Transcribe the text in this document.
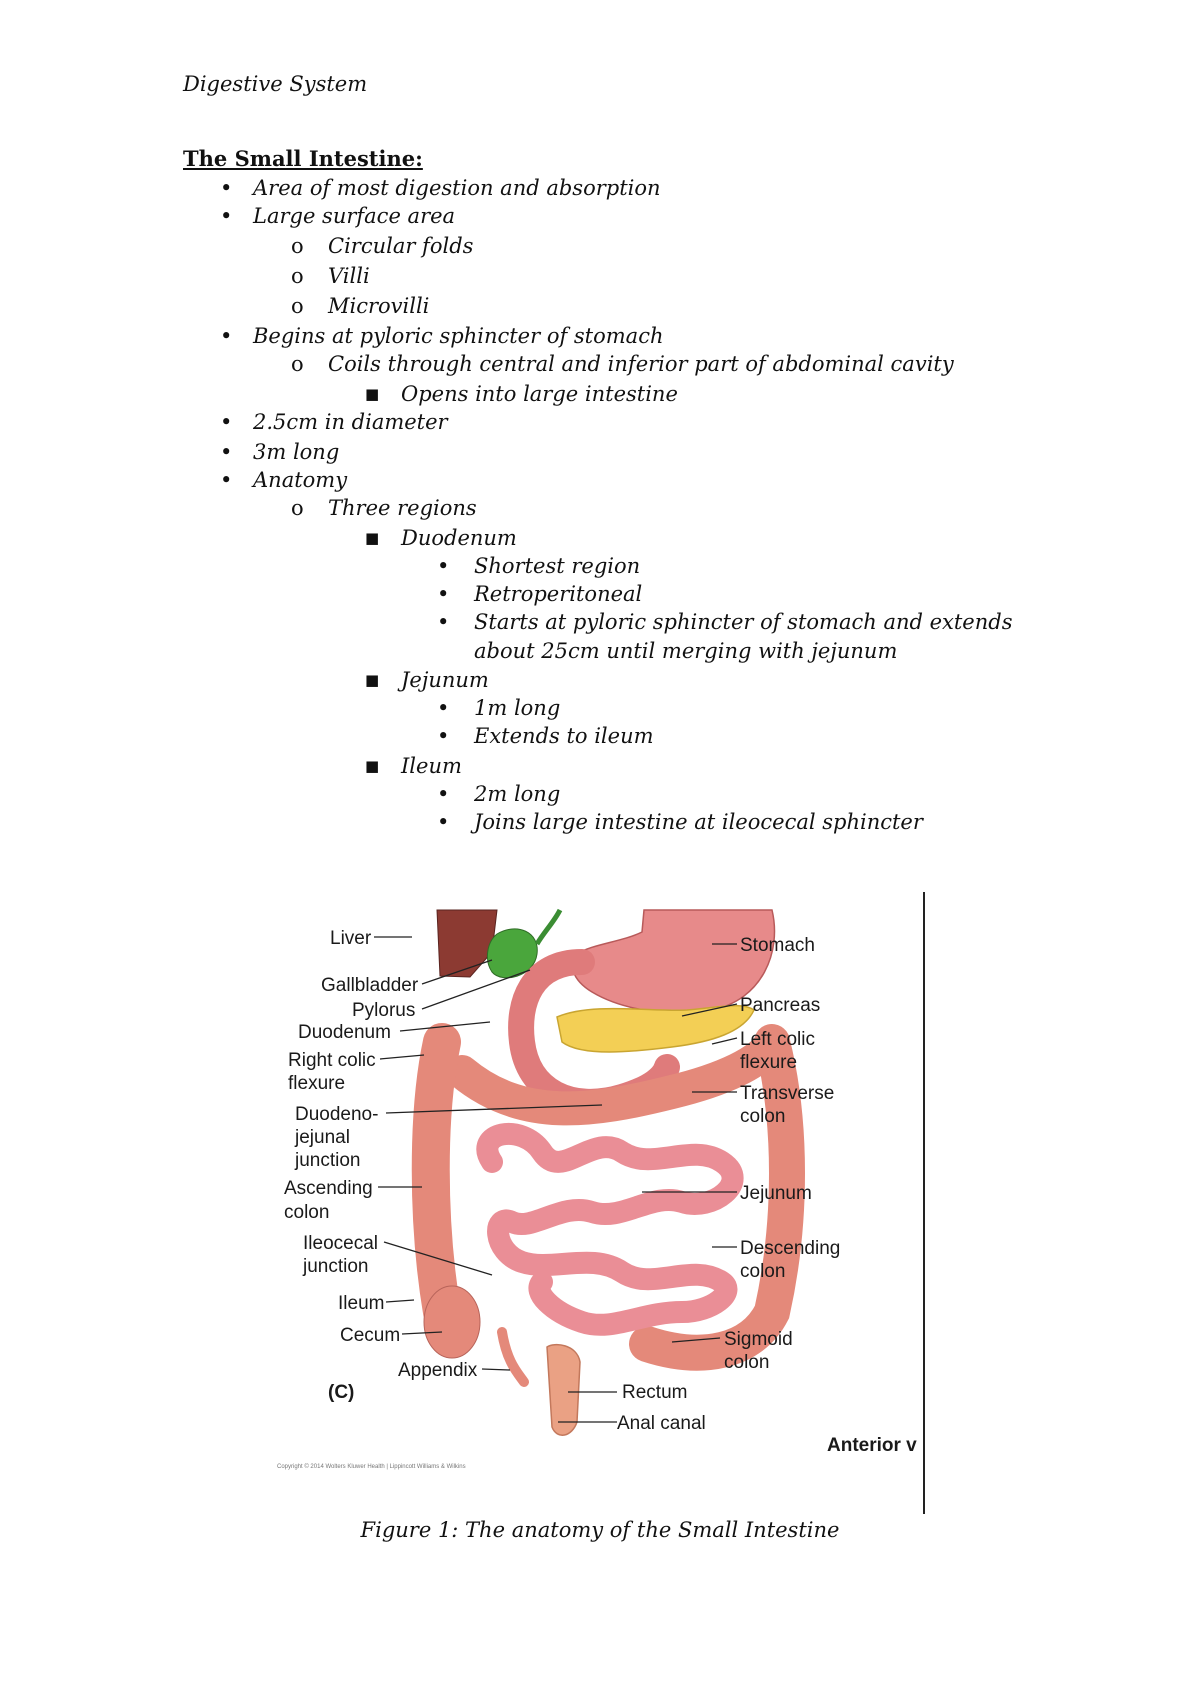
Digestive System
The Small Intestine:
• Area of most digestion and absorption
• Large surface area
o Circular folds
o Villi
o Microvilli
• Begins at pyloric sphincter of stomach
o Coils through central and inferior part of abdominal cavity
■ Opens into large intestine
• 2.5cm in diameter
• 3m long
• Anatomy
o Three regions
■ Duodenum
• Shortest region
• Retroperitoneal
• Starts at pyloric sphincter of stomach and extends
about 25cm until merging with jejunum
■ Jejunum
• 1m long
• Extends to ileum
■ Ileum
• 2m long
• Joins large intestine at ileocecal sphincter
Liver
Gallbladder
Pylorus
Duodenum
Right colic
flexure
Duodeno-
jejunal
junction
Ascending
colon
Ileocecal
junction
Ileum
Cecum
Appendix
(C)
Stomach
Pancreas
Left colic
flexure
Transverse
colon
Jejunum
Descending
colon
Sigmoid
colon
Rectum
Anal canal
Anterior v
Copyright © 2014 Wolters Kluwer Health | Lippincott Williams & Wilkins
Figure 1: The anatomy of the Small Intestine
